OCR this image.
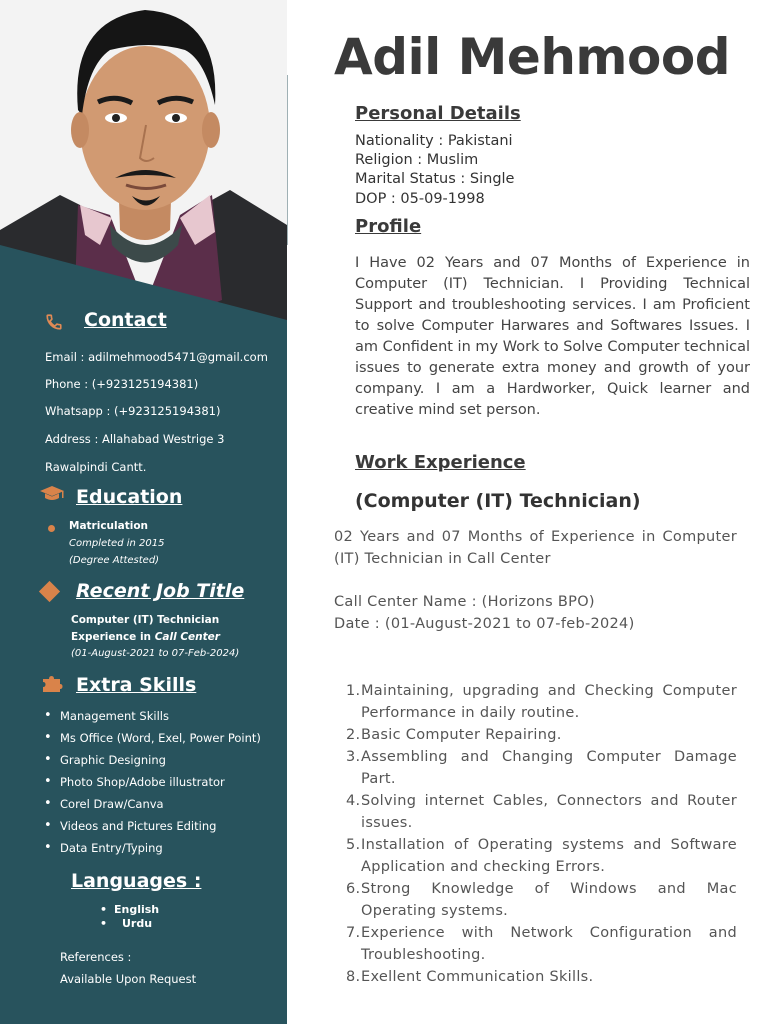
Contact
Email : adilmehmood5471@gmail.com
Phone : (+923125194381)
Whatsapp : (+923125194381)
Address : Allahabad Westrige 3
Rawalpindi Cantt.
Education
Matriculation
Completed in 2015
(Degree Attested)
Recent Job Title
Computer (IT) Technician
Experience in Call Center
(01-August-2021 to 07-Feb-2024)
Extra Skills
• Management Skills
• Ms Office (Word, Exel, Power Point)
• Graphic Designing
• Photo Shop/Adobe illustrator
• Corel Draw/Canva
• Videos and Pictures Editing
• Data Entry/Typing
Languages :
• English
• Urdu
References :
Available Upon Request
Adil Mehmood
Personal Details
Nationality : Pakistani
Religion : Muslim
Marital Status : Single
DOP : 05-09-1998
Profile
I Have 02 Years and 07 Months of Experience in Computer (IT) Technician. I Providing Technical Support and troubleshooting services. I am Proficient to solve Computer Harwares and Softwares Issues. I am Confident in my Work to Solve Computer technical issues to generate extra money and growth of your company. I am a Hardworker, Quick learner and creative mind set person.
Work Experience
(Computer (IT) Technician)
02 Years and 07 Months of Experience in Computer (IT) Technician in Call Center
Call Center Name : (Horizons BPO)
Date : (01-August-2021 to 07-feb-2024)
1. Maintaining, upgrading and Checking Computer Performance in daily routine.
2. Basic Computer Repairing.
3. Assembling and Changing Computer Damage Part.
4. Solving internet Cables, Connectors and Router issues.
5. Installation of Operating systems and Software Application and checking Errors.
6. Strong Knowledge of Windows and Mac Operating systems.
7. Experience with Network Configuration and Troubleshooting.
8. Exellent Communication Skills.
